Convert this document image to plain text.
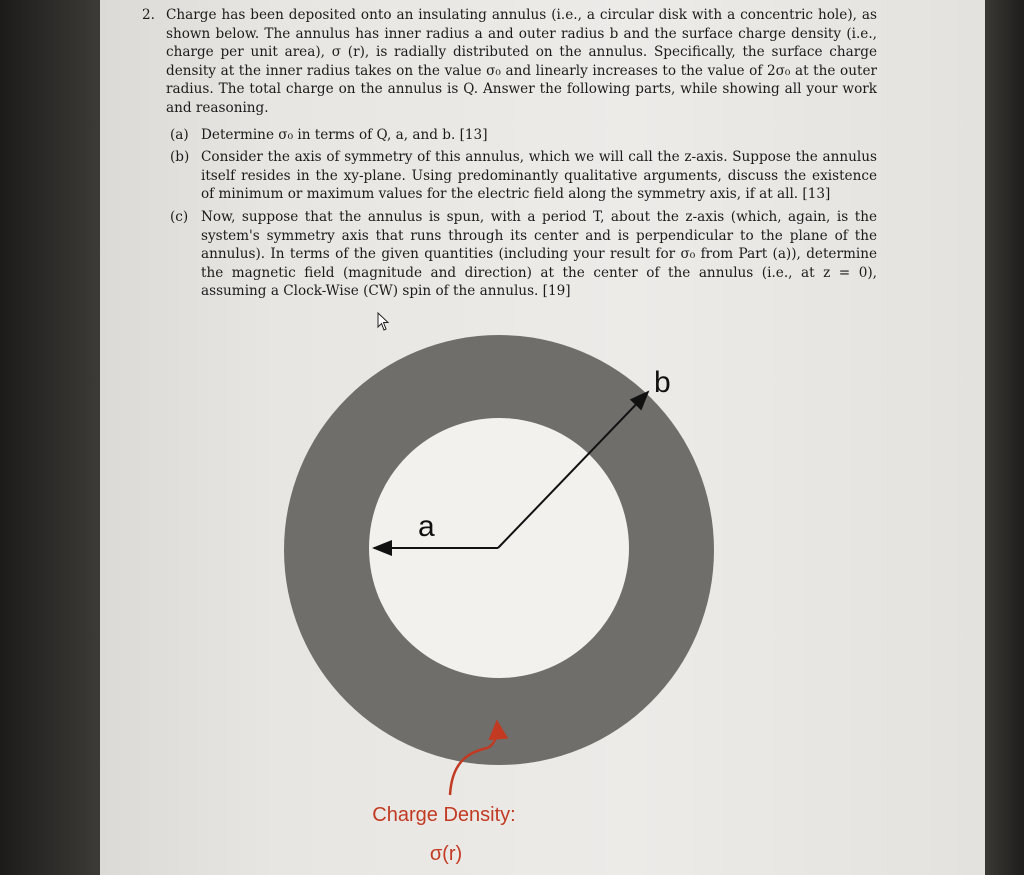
2. Charge has been deposited onto an insulating annulus (i.e., a circular disk with a concentric hole), as shown below. The annulus has inner radius a and outer radius b and the surface charge density (i.e., charge per unit area), σ (r), is radially distributed on the annulus. Specifically, the surface charge density at the inner radius takes on the value σ₀ and linearly increases to the value of 2σ₀ at the outer radius. The total charge on the annulus is Q. Answer the following parts, while showing all your work and reasoning.
(a) Determine σ₀ in terms of Q, a, and b. [13]
(b) Consider the axis of symmetry of this annulus, which we will call the z-axis. Suppose the annulus itself resides in the xy-plane. Using predominantly qualitative arguments, discuss the existence of minimum or maximum values for the electric field along the symmetry axis, if at all. [13]
(c) Now, suppose that the annulus is spun, with a period T, about the z-axis (which, again, is the system's symmetry axis that runs through its center and is perpendicular to the plane of the annulus). In terms of the given quantities (including your result for σ₀ from Part (a)), determine the magnetic field (magnitude and direction) at the center of the annulus (i.e., at z = 0), assuming a Clock-Wise (CW) spin of the annulus. [19]
b
a
Charge Density:
σ(r)
